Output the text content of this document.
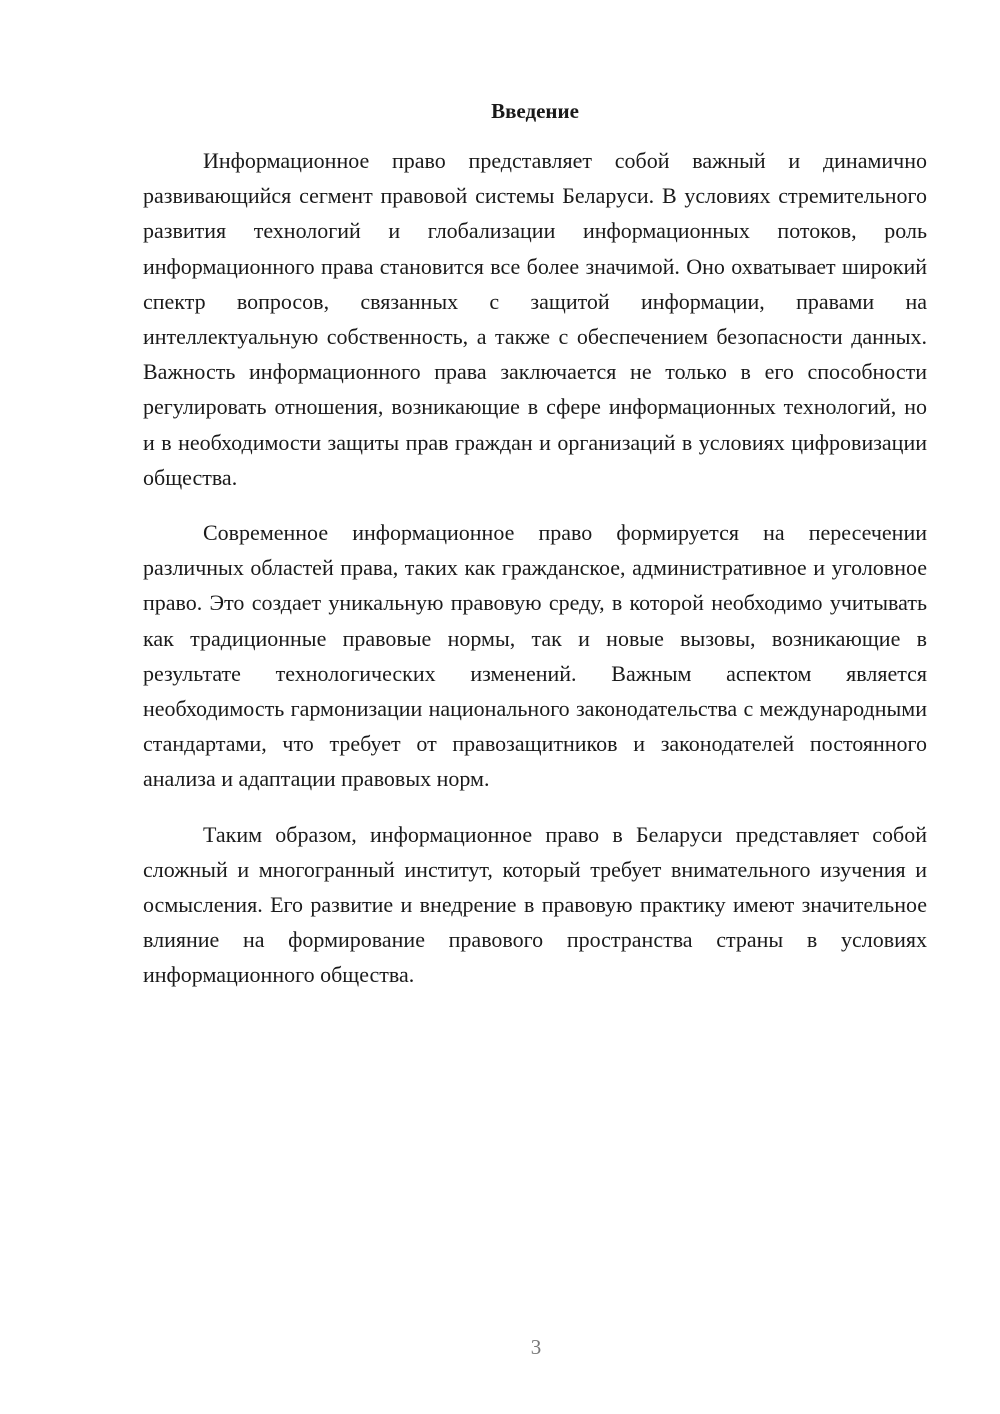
Введение

Информационное право представляет собой важный и динамично развивающийся сегмент правовой системы Беларуси. В условиях стремительного развития технологий и глобализации информационных потоков, роль информационного права становится все более значимой. Оно охватывает широкий спектр вопросов, связанных с защитой информации, правами на интеллектуальную собственность, а также с обеспечением безопасности данных. Важность информационного права заключается не только в его способности регулировать отношения, возникающие в сфере информационных технологий, но и в необходимости защиты прав граждан и организаций в условиях цифровизации общества.

Современное информационное право формируется на пересечении различных областей права, таких как гражданское, административное и уголовное право. Это создает уникальную правовую среду, в которой необходимо учитывать как традиционные правовые нормы, так и новые вызовы, возникающие в результате технологических изменений. Важным аспектом является необходимость гармонизации национального законодательства с международными стандартами, что требует от правозащитников и законодателей постоянного анализа и адаптации правовых норм.

Таким образом, информационное право в Беларуси представляет собой сложный и многогранный институт, который требует внимательного изучения и осмысления. Его развитие и внедрение в правовую практику имеют значительное влияние на формирование правового пространства страны в условиях информационного общества.

3
